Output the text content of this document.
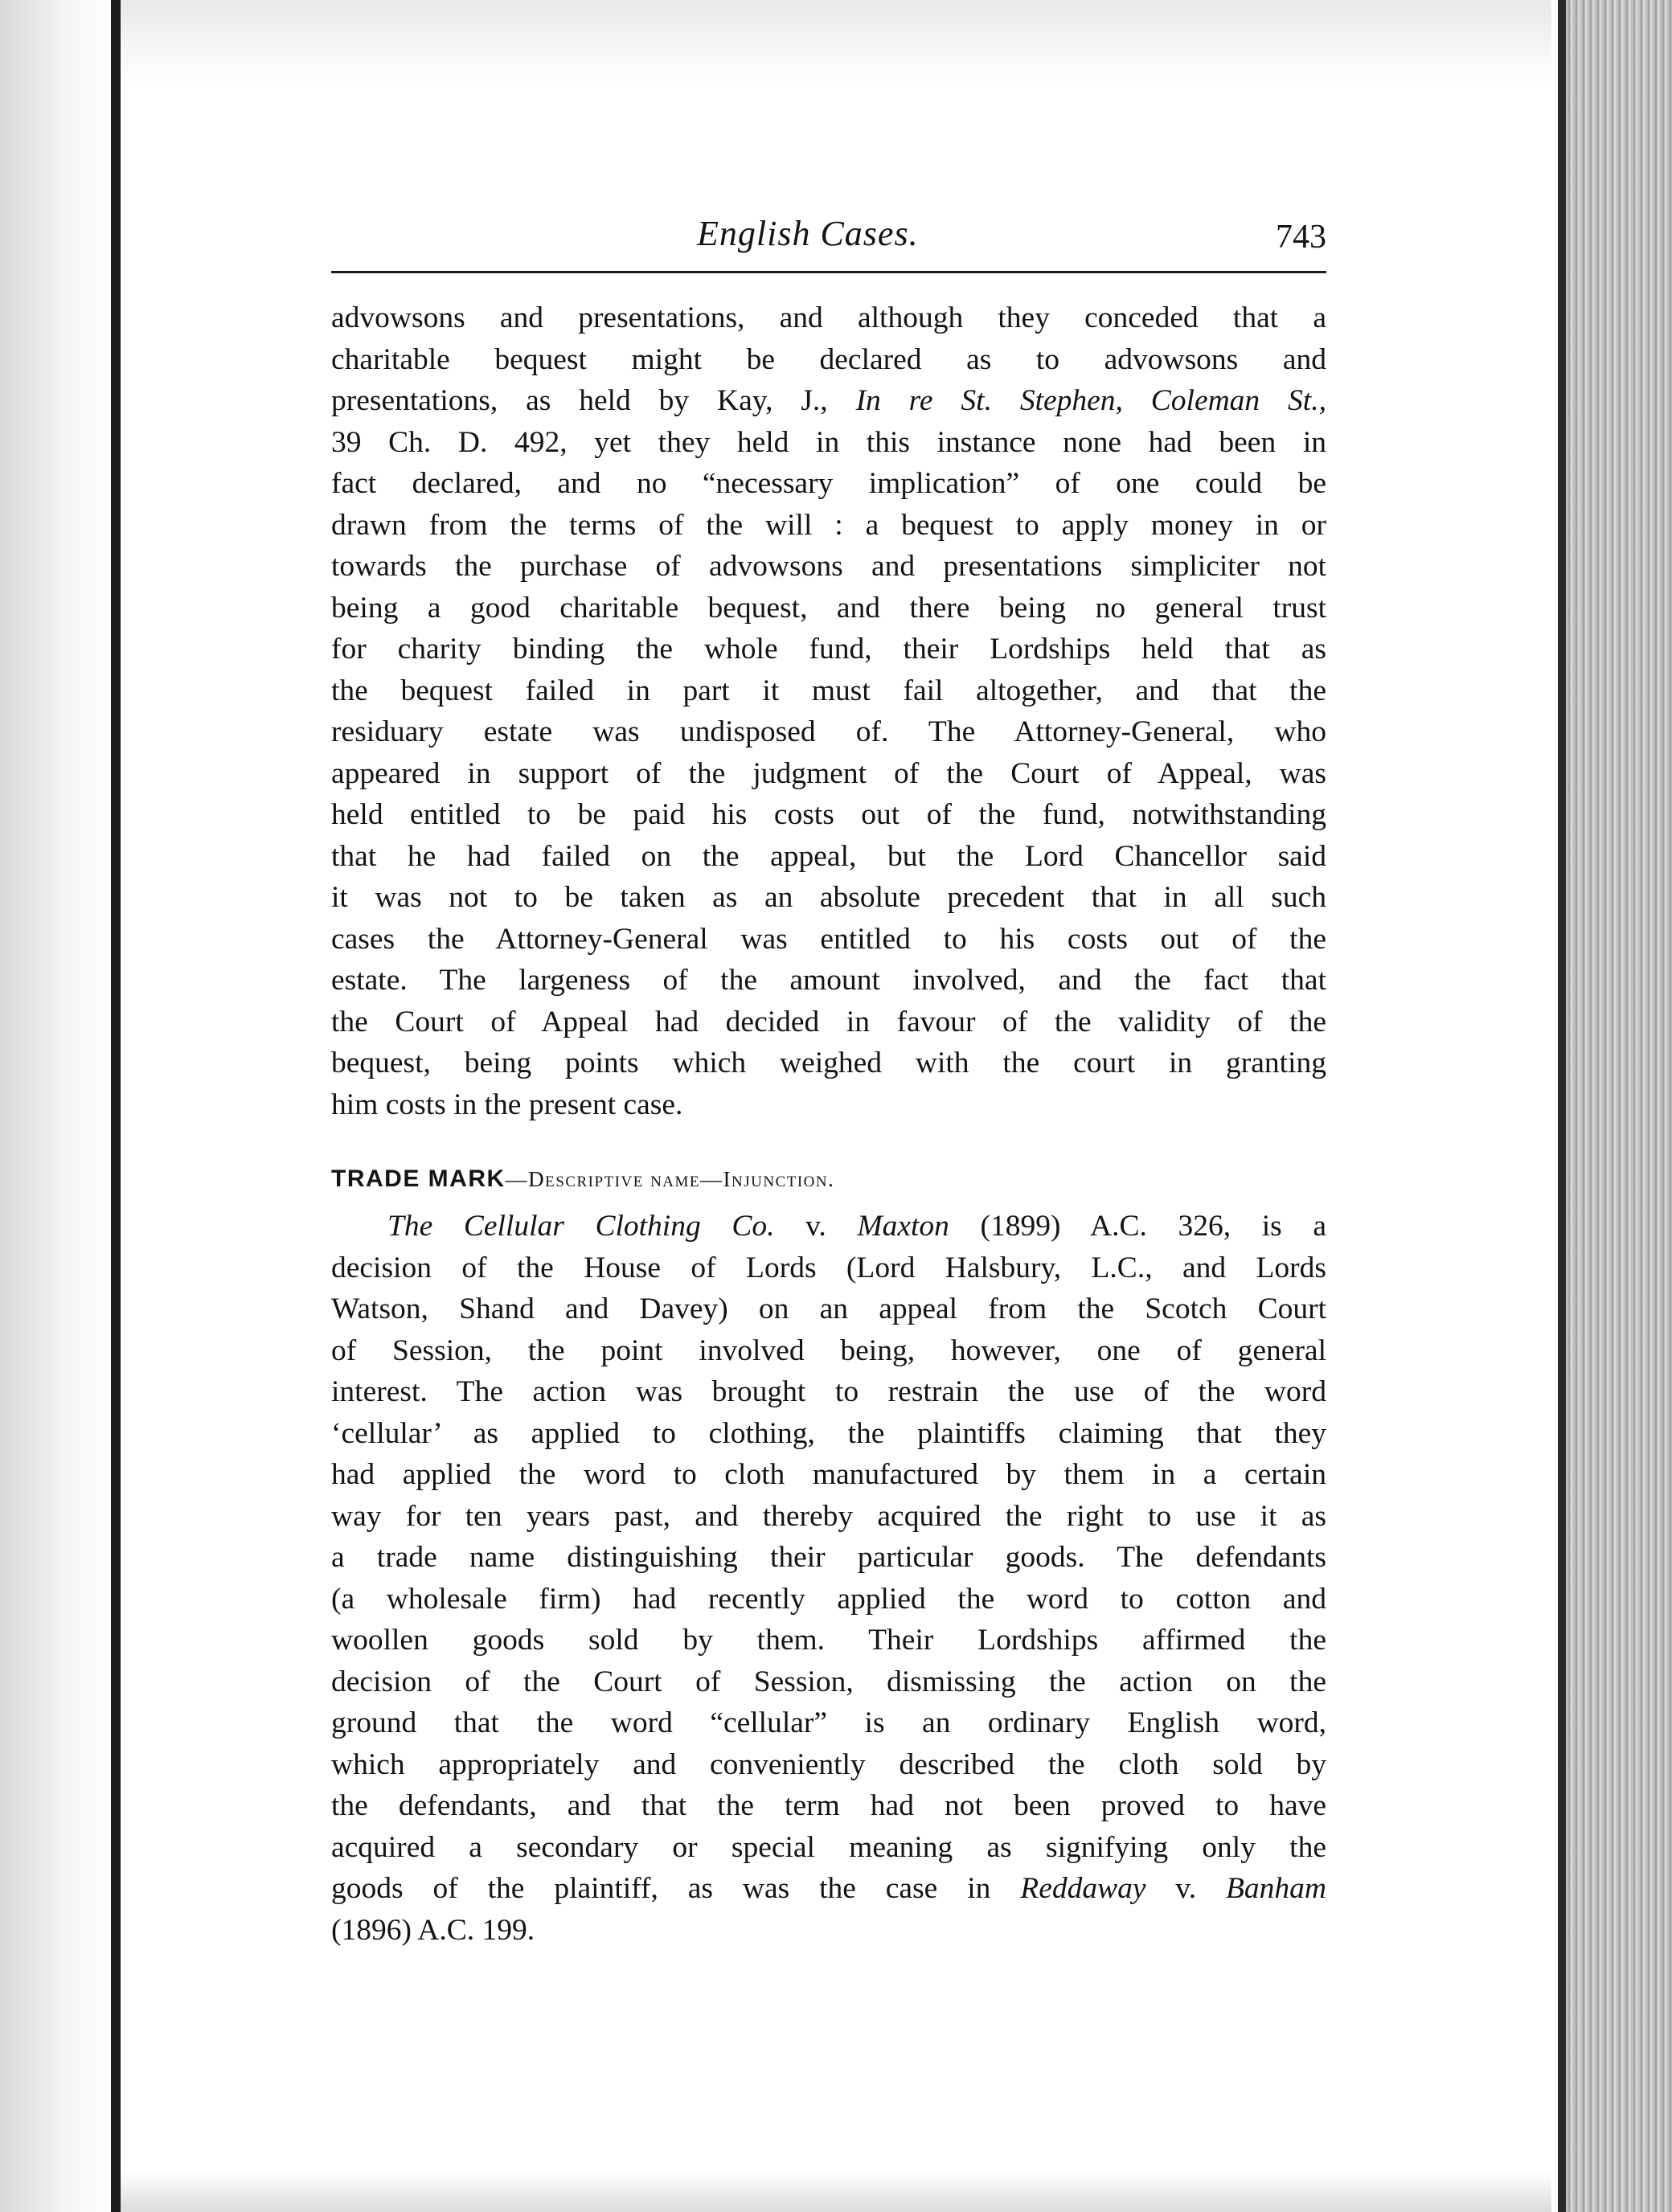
English Cases.	743
advowsons and presentations, and although they conceded that a
charitable bequest might be declared as to advowsons and
presentations, as held by Kay, J., In re St. Stephen, Coleman St.,
39 Ch. D. 492, yet they held in this instance none had been in
fact declared, and no “necessary implication” of one could be
drawn from the terms of the will : a bequest to apply money in or
towards the purchase of advowsons and presentations simpliciter not
being a good charitable bequest, and there being no general trust
for charity binding the whole fund, their Lordships held that as
the bequest failed in part it must fail altogether, and that the
residuary estate was undisposed of. The Attorney-General, who
appeared in support of the judgment of the Court of Appeal, was
held entitled to be paid his costs out of the fund, notwithstanding
that he had failed on the appeal, but the Lord Chancellor said
it was not to be taken as an absolute precedent that in all such
cases the Attorney-General was entitled to his costs out of the
estate. The largeness of the amount involved, and the fact that
the Court of Appeal had decided in favour of the validity of the
bequest, being points which weighed with the court in granting
him costs in the present case.
TRADE MARK—Descriptive name—Injunction.
The Cellular Clothing Co. v. Maxton (1899) A.C. 326, is a
decision of the House of Lords (Lord Halsbury, L.C., and Lords
Watson, Shand and Davey) on an appeal from the Scotch Court
of Session, the point involved being, however, one of general
interest. The action was brought to restrain the use of the word
‘cellular’ as applied to clothing, the plaintiffs claiming that they
had applied the word to cloth manufactured by them in a certain
way for ten years past, and thereby acquired the right to use it as
a trade name distinguishing their particular goods. The defendants
(a wholesale firm) had recently applied the word to cotton and
woollen goods sold by them. Their Lordships affirmed the
decision of the Court of Session, dismissing the action on the
ground that the word “cellular” is an ordinary English word,
which appropriately and conveniently described the cloth sold by
the defendants, and that the term had not been proved to have
acquired a secondary or special meaning as signifying only the
goods of the plaintiff, as was the case in Reddaway v. Banham
(1896) A.C. 199.
